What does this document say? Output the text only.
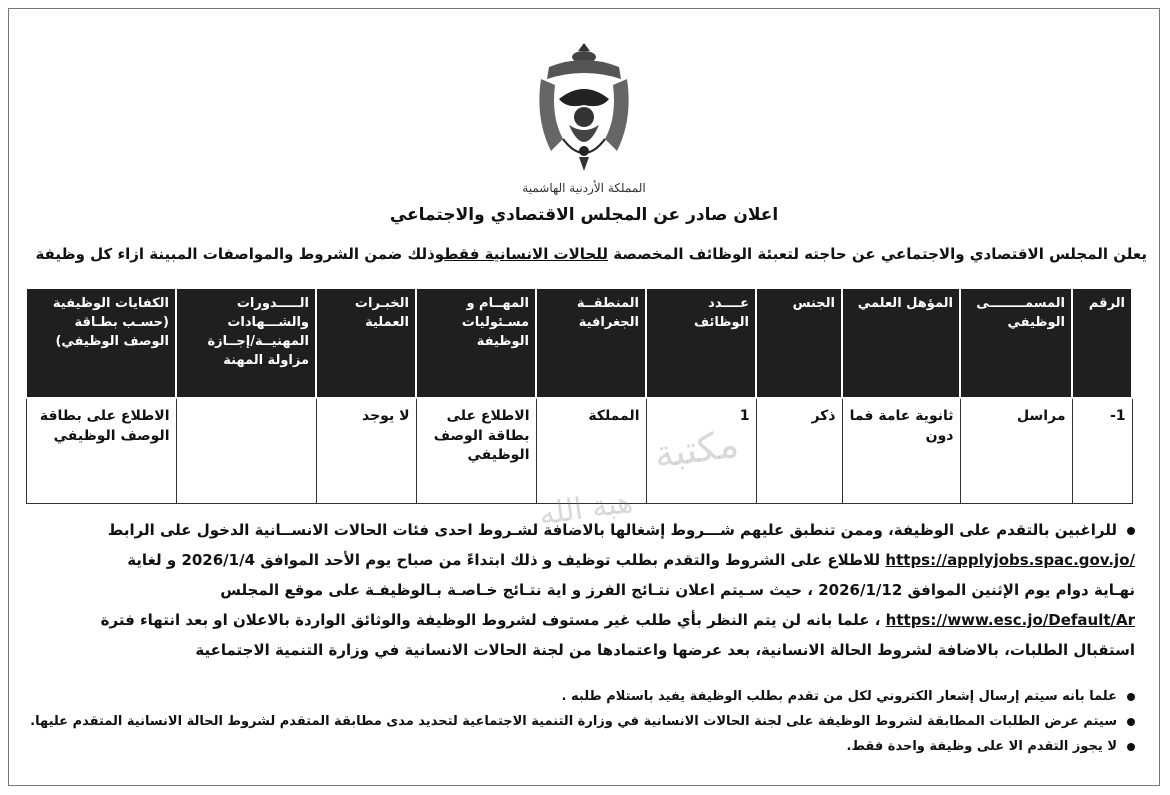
المملكة الأردنية الهاشمية
اعلان صادر عن المجلس الاقتصادي والاجتماعي
يعلن المجلس الاقتصادي والاجتماعي عن حاجته لتعبئة الوظائف المخصصة للحالات الانسانية فقطوذلك ضمن الشروط والمواصفات المبينة ازاء كل وظيفة
الرقم	المسمــــــــى الوظيفي	المؤهل العلمي	الجنس	عــــدد الوظائف	المنطقــة الجغرافية	المهــام و مسـئوليات الوظيفة	الخبـرات العملية	الـــــدورات والشـــهادات المهنيــة/إجــازة مزاولة المهنة	الكفايات الوظيفية (حسـب بطـاقة الوصف الوظيفي)
1-	مراسل	ثانوية عامة فما دون	ذكر	1	المملكة	الاطلاع على بطاقة الوصف الوظيفي	لا يوجد		الاطلاع على بطاقة الوصف الوظيفي	مكتبة
هبة الله
للراغبين بالتقدم على الوظيفة، وممن تنطبق عليهم شـــروط إشغالها بالاضافة لشـروط احدى فئات الحالات الانســانية الدخول على الرابط
https://applyjobs.spac.gov.jo/ للاطلاع على الشروط والتقدم بطلب توظيف و ذلك ابتداءً من صباح يوم الأحد الموافق 2026/1/4 و لغاية
نهـاية دوام يوم الإثنين الموافق 2026/1/12 ، حيث سـيتم اعلان نتـائج الفرز و اية نتـائج خـاصـة بـالوظيفـة على موقع المجلس
https://www.esc.jo/Default/Ar ، علما بانه لن يتم النظر بأي طلب غير مستوف لشروط الوظيفة والوثائق الواردة بالاعلان او بعد انتهاء فترة
استقبال الطلبات، بالاضافة لشروط الحالة الانسانية، بعد عرضها واعتمادها من لجنة الحالات الانسانية في وزارة التنمية الاجتماعية
علماً بأنه سيتم إرسال إشعار الكتروني لكل من تقدم بطلب الوظيفة يفيد باستلام طلبه .
سيتم عرض الطلبات المطابقة لشروط الوظيفة على لجنة الحالات الانسانية في وزارة التنمية الاجتماعية لتحديد مدى مطابقة المتقدم لشروط الحالة الانسانية المتقدم عليها.
لا يجوز التقدم الا على وظيفة واحدة فقط.
